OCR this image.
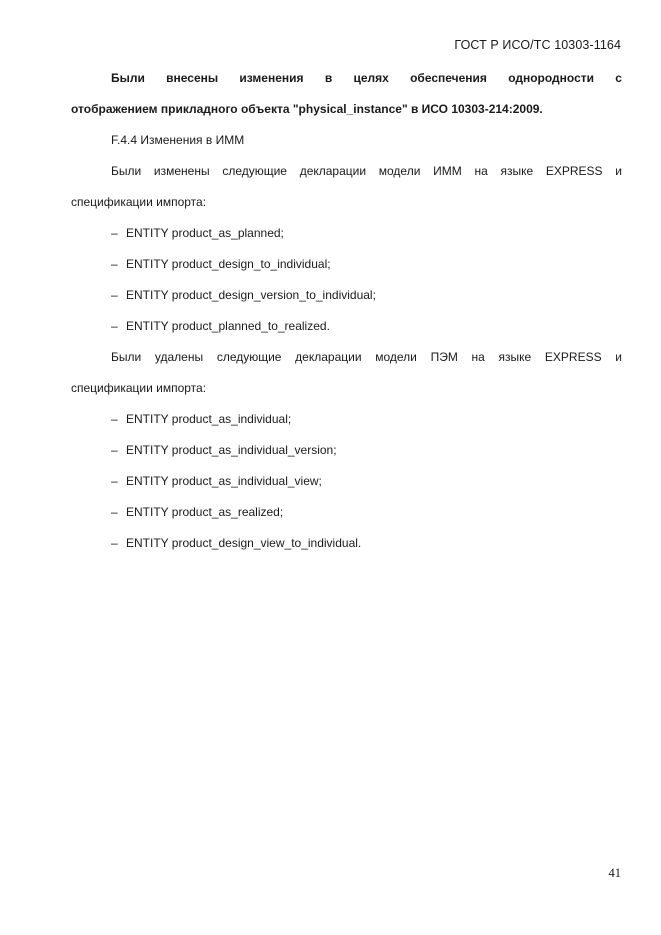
ГОСТ Р ИСО/ТС 10303-1164
Были внесены изменения в целях обеспечения однородности с
отображением прикладного объекта "physical_instance" в ИСО 10303-214:2009.
F.4.4 Изменения в ИММ
Были изменены следующие декларации модели ИММ на языке EXPRESS и
спецификации импорта:
– ENTITY product_as_planned;
– ENTITY product_design_to_individual;
– ENTITY product_design_version_to_individual;
– ENTITY product_planned_to_realized.
Были удалены следующие декларации модели ПЭМ на языке EXPRESS и
спецификации импорта:
– ENTITY product_as_individual;
– ENTITY product_as_individual_version;
– ENTITY product_as_individual_view;
– ENTITY product_as_realized;
– ENTITY product_design_view_to_individual.
41
